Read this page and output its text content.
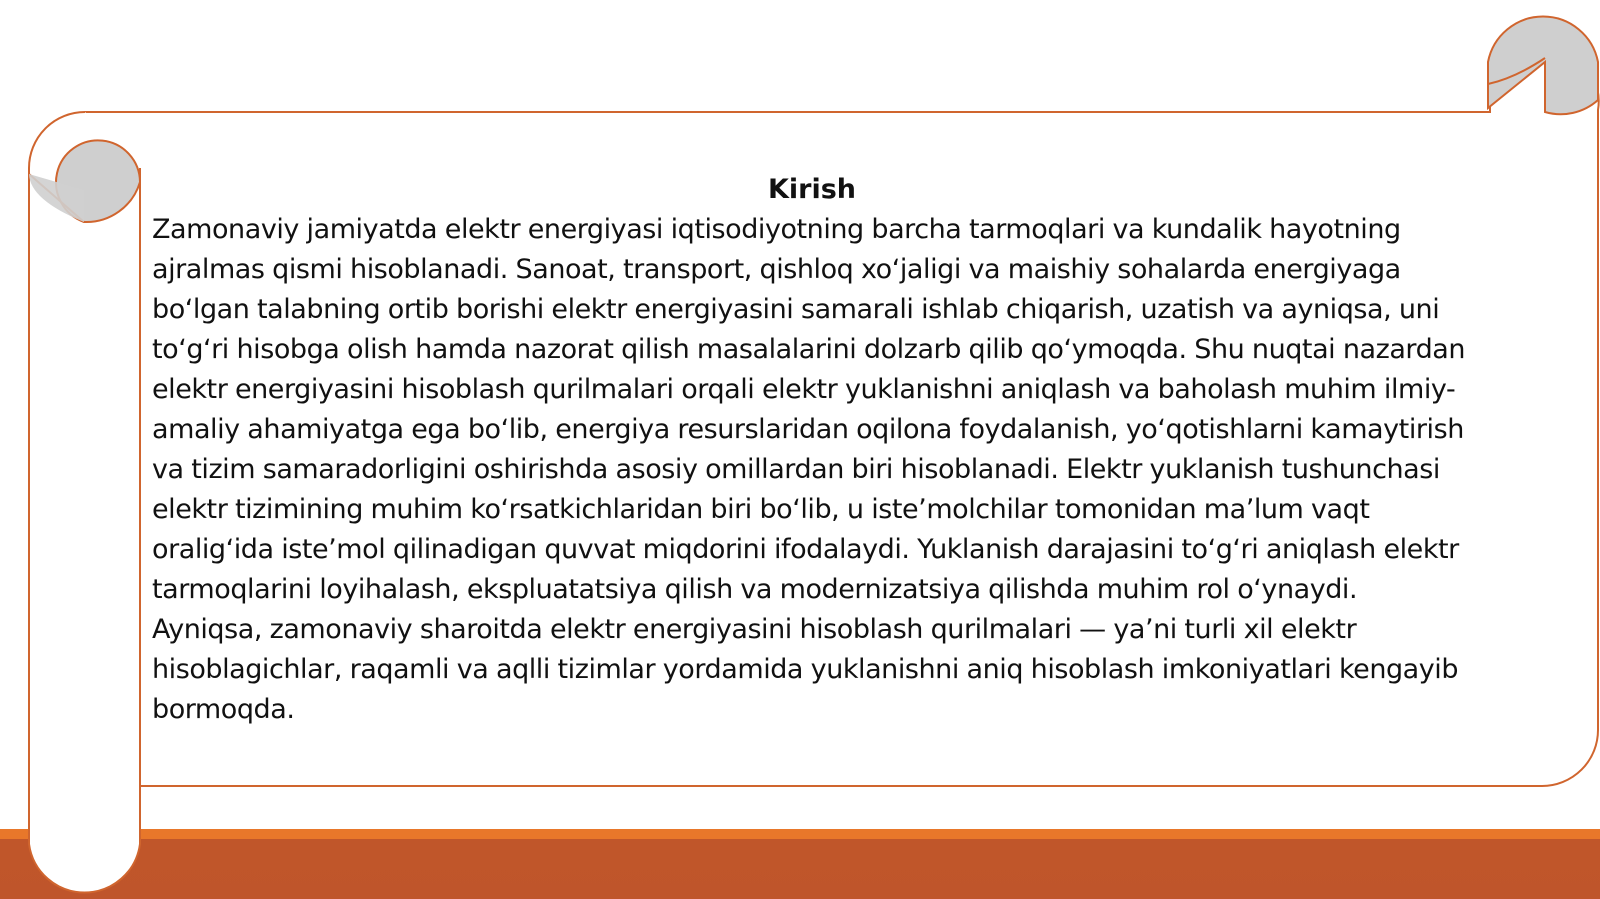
Kirish

Zamonaviy jamiyatda elektr energiyasi iqtisodiyotning barcha tarmoqlari va kundalik hayotning ajralmas qismi hisoblanadi. Sanoat, transport, qishloq xoʻjaligi va maishiy sohalarda energiyaga boʻlgan talabning ortib borishi elektr energiyasini samarali ishlab chiqarish, uzatish va ayniqsa, uni toʻgʻri hisobga olish hamda nazorat qilish masalalarini dolzarb qilib qoʻymoqda. Shu nuqtai nazardan elektr energiyasini hisoblash qurilmalari orqali elektr yuklanishni aniqlash va baholash muhim ilmiy-amaliy ahamiyatga ega boʻlib, energiya resurslaridan oqilona foydalanish, yoʻqotishlarni kamaytirish va tizim samaradorligini oshirishda asosiy omillardan biri hisoblanadi. Elektr yuklanish tushunchasi elektr tizimining muhim koʻrsatkichlaridan biri boʻlib, u isteʼmolchilar tomonidan maʼlum vaqt oraligʻida isteʼmol qilinadigan quvvat miqdorini ifodalaydi. Yuklanish darajasini toʻgʻri aniqlash elektr tarmoqlarini loyihalash, ekspluatatsiya qilish va modernizatsiya qilishda muhim rol oʻynaydi. Ayniqsa, zamonaviy sharoitda elektr energiyasini hisoblash qurilmalari — yaʼni turli xil elektr hisoblagichlar, raqamli va aqlli tizimlar yordamida yuklanishni aniq hisoblash imkoniyatlari kengayib bormoqda.
